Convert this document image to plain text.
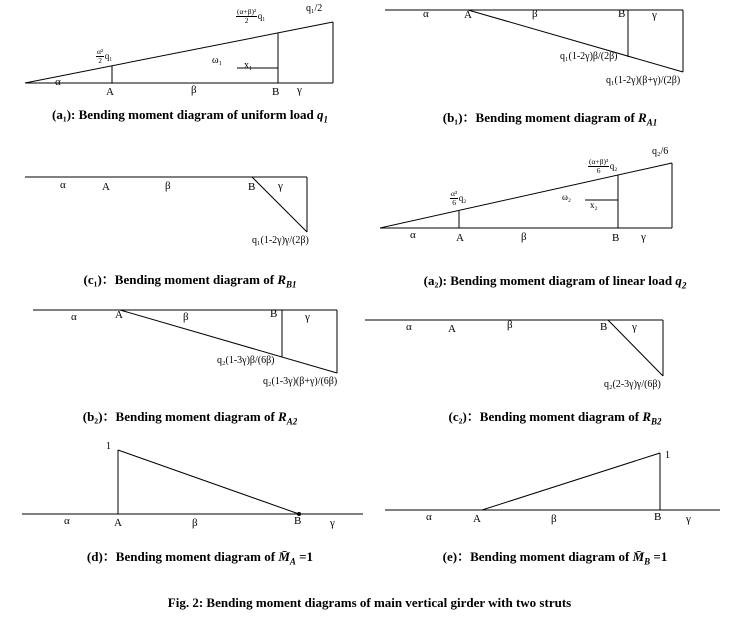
q₁/2
$\frac{\text{(α+β)²}}{2} q_1$
$\frac{\text{α²}}{2} q_1$	ω₁ x₁
α
A	β	B γ
α	A	β	B γ
q₁(1-2γ)β/(2β)
q₁(1-2γ)(β+γ)/(2β)
α	A	β	B γ
q₁(1-2γ)γ/(2β)
q₂/6
$\frac{\text{(α+β)³}}{6} q_2$
$\frac{\text{α³}}{6} q_2$	ω₂
x₂
α	A	β	B γ
α	A	β	B	γ
q₂(1-3γ)β/(6β)
q₂(1-3γ)(β+γ)/(6β)
α	A	β	B γ
q₂(2-3γ)γ/(6β)
1
α	A	β	B	γ
1
α	A	β	B γ
(a₁): Bending moment diagram of uniform load $q_1$	(b₁)：Bending moment diagram of $R_{A1}$
(c₁)：Bending moment diagram of $R_{B1}$	(a₂): Bending moment diagram of linear load $q_2$
(b₂)：Bending moment diagram of $R_{A2}$	(c₂)：Bending moment diagram of $R_{B2}$
(d)：Bending moment diagram of $M̄_A =1$	(e)：Bending moment diagram of $M̄_B =1$
Fig. 2: Bending moment diagrams of main vertical girder with two struts
